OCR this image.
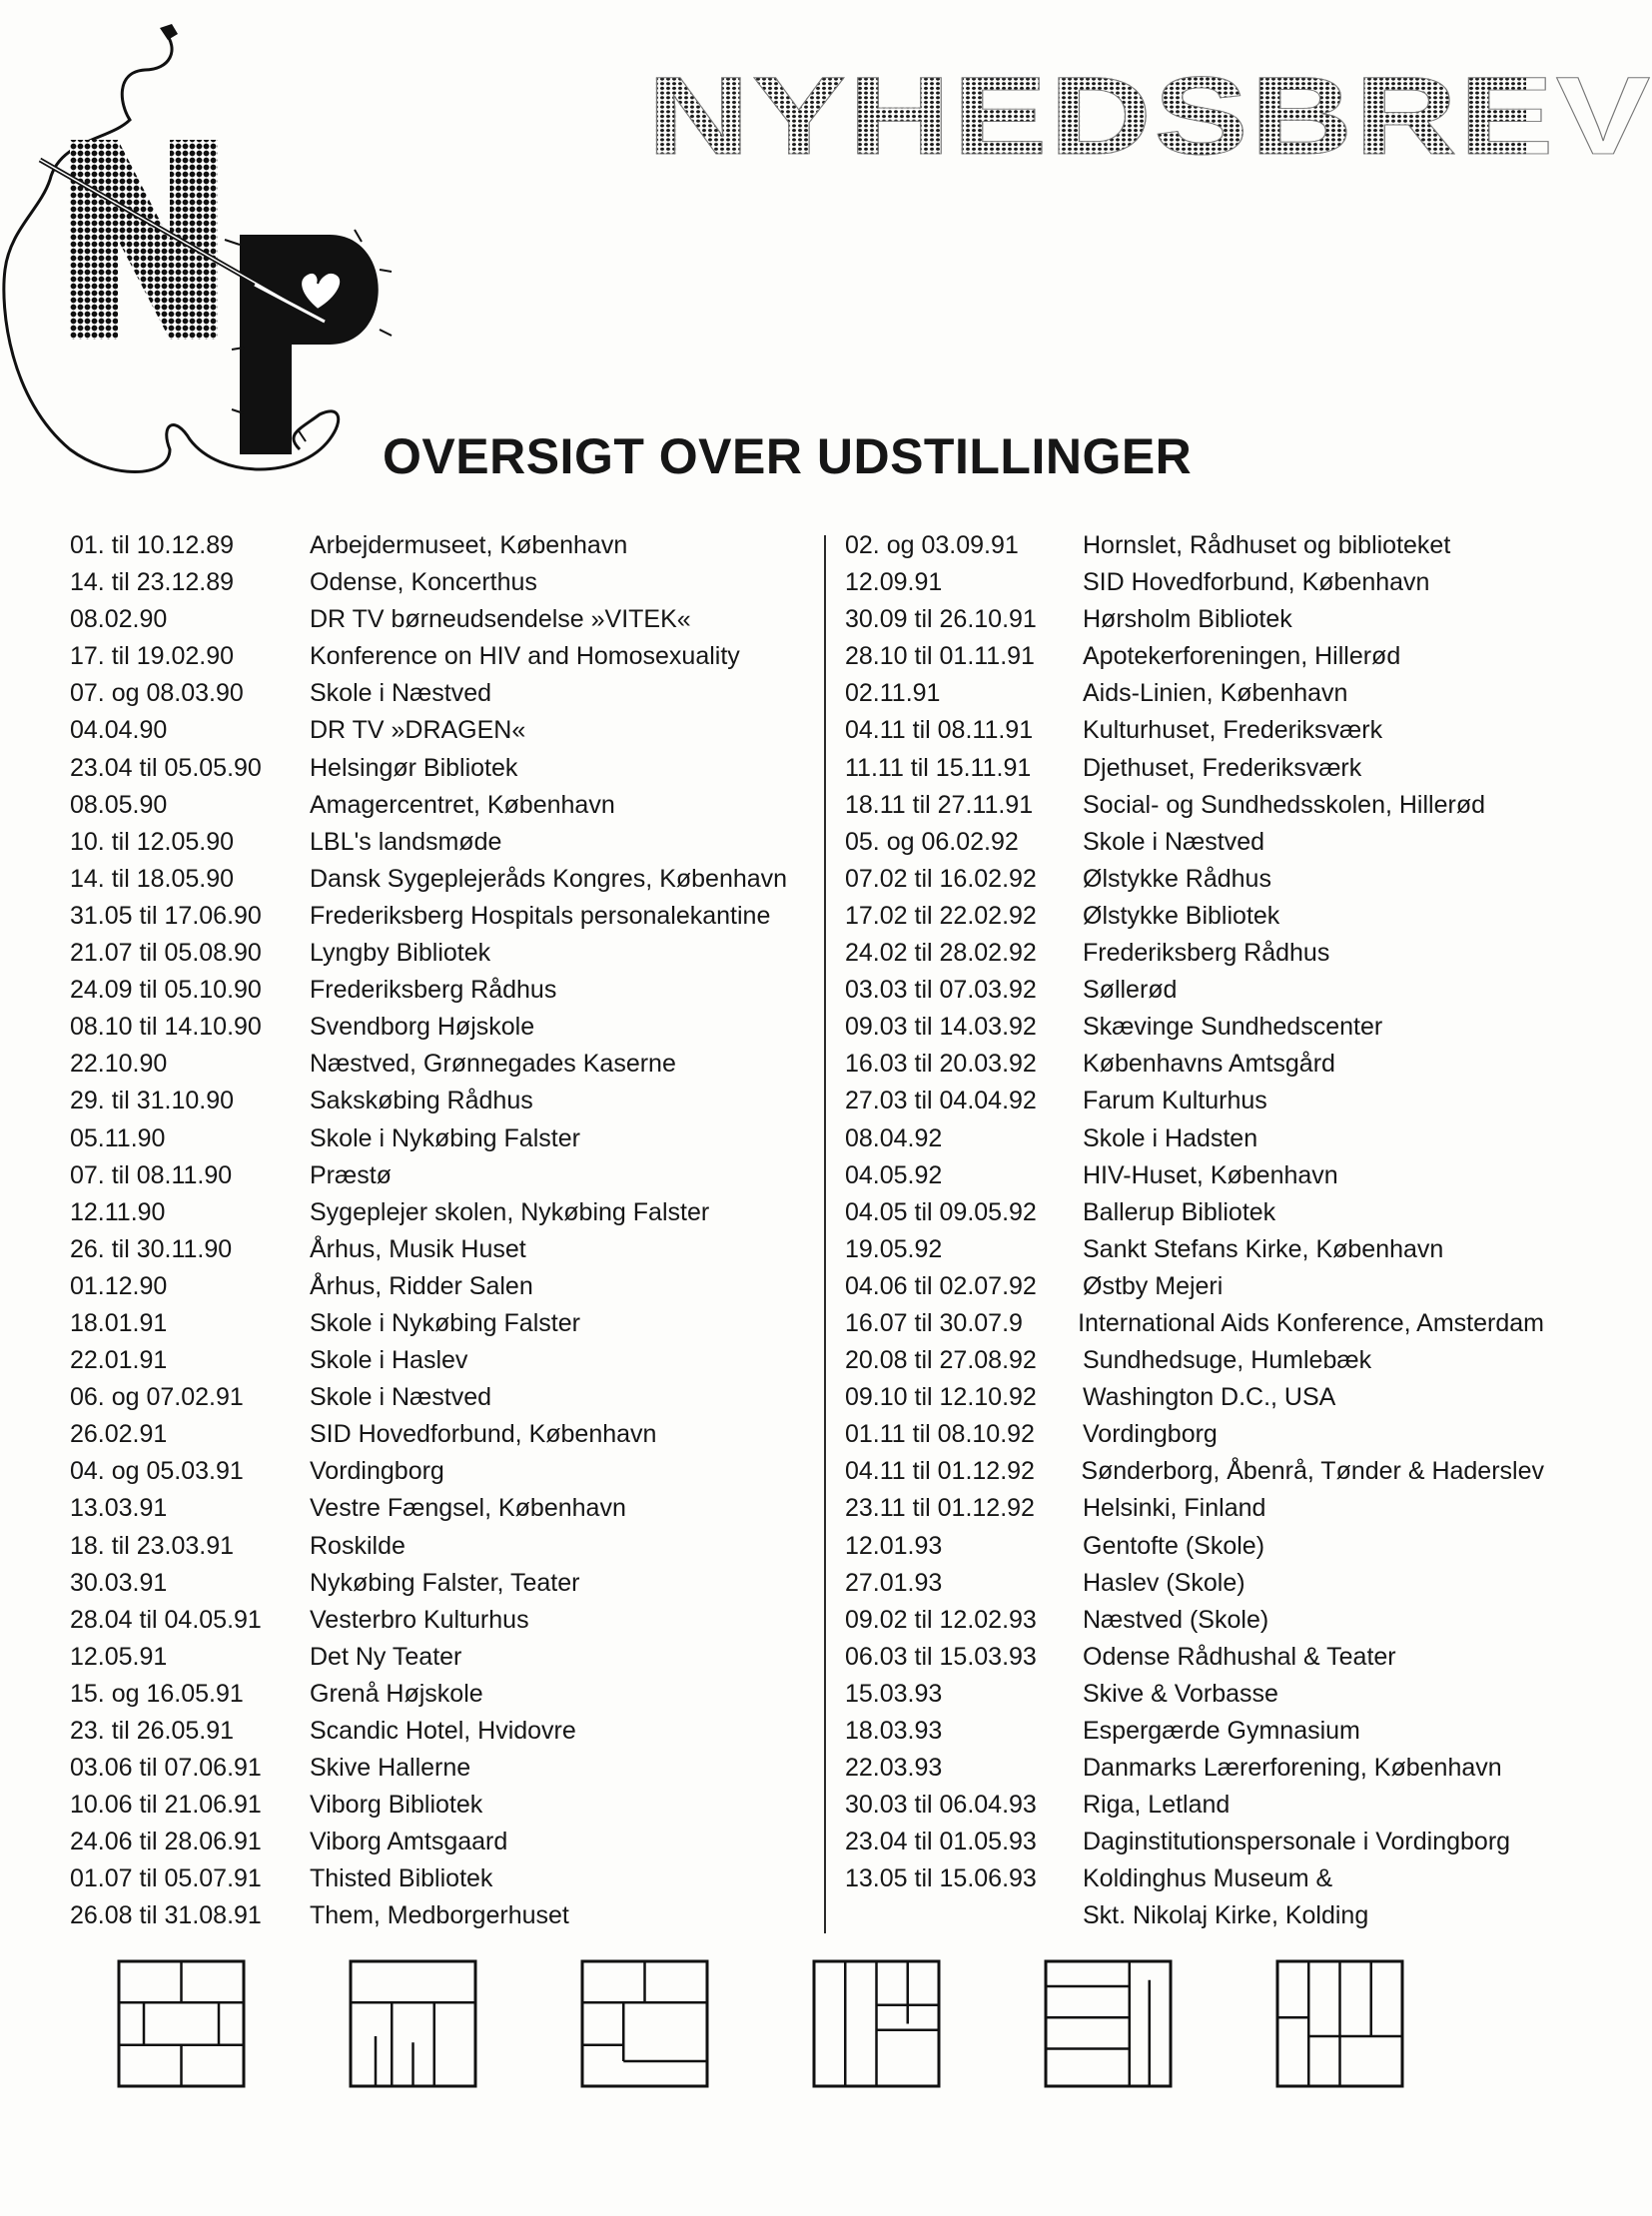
NYHEDSBREV
OVERSIGT OVER UDSTILLINGER
01. til 10.12.89	Arbejdermuseet, København
14. til 23.12.89	Odense, Koncerthus
08.02.90	DR TV børneudsendelse »VITEK«
17. til 19.02.90	Konference on HIV and Homosexuality
07. og 08.03.90	Skole i Næstved
04.04.90	DR TV »DRAGEN«
23.04 til 05.05.90	Helsingør Bibliotek
08.05.90	Amagercentret, København
10. til 12.05.90	LBL's landsmøde
14. til 18.05.90	Dansk Sygeplejeråds Kongres, København
31.05 til 17.06.90	Frederiksberg Hospitals personalekantine
21.07 til 05.08.90	Lyngby Bibliotek
24.09 til 05.10.90	Frederiksberg Rådhus
08.10 til 14.10.90	Svendborg Højskole
22.10.90	Næstved, Grønnegades Kaserne
29. til 31.10.90	Sakskøbing Rådhus
05.11.90	Skole i Nykøbing Falster
07. til 08.11.90	Præstø
12.11.90	Sygeplejer skolen, Nykøbing Falster
26. til 30.11.90	Århus, Musik Huset
01.12.90	Århus, Ridder Salen
18.01.91	Skole i Nykøbing Falster
22.01.91	Skole i Haslev
06. og 07.02.91	Skole i Næstved
26.02.91	SID Hovedforbund, København
04. og 05.03.91	Vordingborg
13.03.91	Vestre Fængsel, København
18. til 23.03.91	Roskilde
30.03.91	Nykøbing Falster, Teater
28.04 til 04.05.91	Vesterbro Kulturhus
12.05.91	Det Ny Teater
15. og 16.05.91	Grenå Højskole
23. til 26.05.91	Scandic Hotel, Hvidovre
03.06 til 07.06.91	Skive Hallerne
10.06 til 21.06.91	Viborg Bibliotek
24.06 til 28.06.91	Viborg Amtsgaard
01.07 til 05.07.91	Thisted Bibliotek
26.08 til 31.08.91	Them, Medborgerhuset
02. og 03.09.91	Hornslet, Rådhuset og biblioteket
12.09.91	SID Hovedforbund, København
30.09 til 26.10.91	Hørsholm Bibliotek
28.10 til 01.11.91	Apotekerforeningen, Hillerød
02.11.91	Aids-Linien, København
04.11 til 08.11.91	Kulturhuset, Frederiksværk
11.11 til 15.11.91	Djethuset, Frederiksværk
18.11 til 27.11.91	Social- og Sundhedsskolen, Hillerød
05. og 06.02.92	Skole i Næstved
07.02 til 16.02.92	Ølstykke Rådhus
17.02 til 22.02.92	Ølstykke Bibliotek
24.02 til 28.02.92	Frederiksberg Rådhus
03.03 til 07.03.92	Søllerød
09.03 til 14.03.92	Skævinge Sundhedscenter
16.03 til 20.03.92	Københavns Amtsgård
27.03 til 04.04.92	Farum Kulturhus
08.04.92	Skole i Hadsten
04.05.92	HIV-Huset, København
04.05 til 09.05.92	Ballerup Bibliotek
19.05.92	Sankt Stefans Kirke, København
04.06 til 02.07.92	Østby Mejeri
16.07 til 30.07.9	International Aids Konference, Amsterdam
20.08 til 27.08.92	Sundhedsuge, Humlebæk
09.10 til 12.10.92	Washington D.C., USA
01.11 til 08.10.92	Vordingborg
04.11 til 01.12.92	Sønderborg, Åbenrå, Tønder & Haderslev
23.11 til 01.12.92	Helsinki, Finland
12.01.93	Gentofte (Skole)
27.01.93	Haslev (Skole)
09.02 til 12.02.93	Næstved (Skole)
06.03 til 15.03.93	Odense Rådhushal & Teater
15.03.93	Skive & Vorbasse
18.03.93	Espergærde Gymnasium
22.03.93	Danmarks Lærerforening, København
30.03 til 06.04.93	Riga, Letland
23.04 til 01.05.93	Daginstitutionspersonale i Vordingborg
13.05 til 15.06.93	Koldinghus Museum &
Skt. Nikolaj Kirke, Kolding
